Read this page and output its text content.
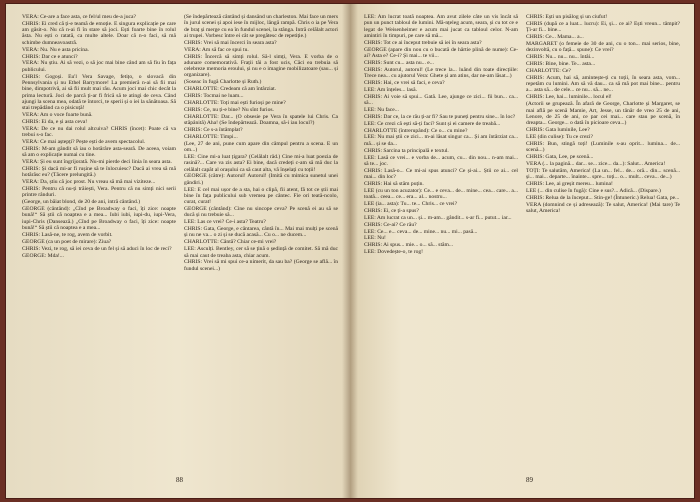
VERA: Ce-are a face asta, ce fel/ul meu de-a juca?

CHRIS: Ei cred că ți-e teamă de emoție. E singura explicație pe care am găsit-o. Nu că n-ai fi în stare să joci. Ești foarte bine în rolul ăsta. Nu ești o ratată, ca multe altele. Doar că n-o faci, să mă schimbe dumneavoastră.

VERA: Nu. Nu e asta pricina.

CHRIS: Dar ce e atunci?

VERA: Nu știu. Ai să vezi, o să joc mai bine când am să fiu în fața publicului.

CHRIS: Gogoși. Eu'l Vera Savage, fetițo, o slovacă din Pennsylvania și nu Ethel Barrymore! La premieră n-ai să fii mai bine, dimpotrivă, ai să fii mult mai rău. Acum joci mai chic decât la prima lectură. Joci de parcă ți-ar fi frică să te atingi de ceva. Când ajungi la scena mea, odată te întorci, te sperii și o iei la sănătoasa. Să stai trepădând ca o pisicuță!

VERA: Am o voce foarte bună.

CHRIS: Ei da, e și asta ceva!

VERA: De ce nu dai rolul altcuiva? CHRIS (încet): Poate că va trebui s-o fac.

VERA: Ce mai aștepți? Pește ești de avem spectacolul.

CHRIS: M-am gândit să iau o hotărâre asta-seară. De aceea, voiam să am o explicație numai cu tine.

VERA: Și eu sunt îngrijorată. Nu-mi pierde deci linia în seara asta.

CHRIS: Și dacă mi-ar fi rușine să te înlocuiesc? Dacă ai vrea să mă hotărăsc eu? (Tăcere prelungită.)

VERA: Da, știu că joc prost. Nu vreau să mă mai viziteze...

CHRIS: Pentru că nu-ți trăiești, Vera. Pentru că nu simți nici serii printre rânduri.

(George, un băiat blond, de 20 de ani, intră cântând.)

GEORGE (cântând): „Cînd pe Broadway o faci, îți zice: noapte bună!“ Să știi că noaptea e a mea... Iubi iubi, iupi-du, iupi-Vera, iupi-Chris (Dansează.) „Cînd pe Broadway o faci, îți zice: noapte bună!“ Să știi că noaptea e a mea...

CHRIS: Lasă-ne, te rog, avem de vorbit.

GEORGE (ca un poet de mirare): Ziua?

CHRIS: Vezi, te rog, să iei ceva de un fel și să aduci în loc de reci?

GEORGE: Mda!...

(Se îndepărtează cântând și dansând un charleston. Mai face un mers în jurul scenei și apoi iese în mijloc, lângă rampă. Chris o ia pe Vera de braț și merge cu ea în fundul scenei, la stânga. Intră celălalt actori ai trupei. Vorbesc între ei cât se pregătesc de repetiție.)

CHRIS: Vrei să mai încerci în seara asta?

VERA: Am să fac ce spui tu.

CHRIS: Încercă să simți rolul. Să-l simți, Vera. E vorba de o adunare comemorativă. Frații tăi a fost ucis, Căci ea trebuia să celebreze memoria eroului, și nu e o imagine mobilizatoare (sau... și organizare).

(Soseac în fugă Charlotte și Ruth.)

CHARLOTTE: Credeam că am întârziat.

CHRIS: Tocmai ne luam...

CHARLOTTE: Toți mai ești furioși pe mine?

CHRIS: Ce, nu ți-e bine? Nu sînt furios.

CHARLOTTE: Dar... (O obsesie pe Vera în spatele lui Chris. Ca stăpânită) Aha! (Se îndepărtează. Doamna, să-i iau locul?)

CHRIS: Ce s-a întâmplat?

CHARLOTTE: Timpi...

(Lee, 27 de ani, pune cum apare din câmpul pentru a scena. E un om...)

LEE: Cine mi-a luat țigara? (Celălalt râd.) Cine mi-a luat poezia de rasină?... Care va zis asta? Ei bine, dacă credeți c-am să mă duc la celălalt capăt al orașului ca să caut alta, vă înșelați cu toții!

GEORGE (către): Autorul! Autorul! (Imită cu mimica sunetul unei gândiri.)

LEE: E cel mai ușor de a sta, hai o clipă, fii atent, fă tot ce știi mai bine în fața publicului sub vremea pe cântec. Fie ori teată-ncolo, curat, curat!

GEORGE (cântând): Cine nu sincope ceva? Pe scenă ei au să se ducă și nu trebuie să...

LEE: Las ce vrei? Ce-i asta? Teatru?

CHRIS: Gata, George, e cântarea, cântă în... Mai mai mulți pe scenă și nu ne va... o zi și se ducă acasă... Cu o... ne ducem...

CHARLOTTE: Cântă? Chiar ce-mi vrei?

LEE: Asculți. Bentley, cer să se țină o ședință de comitet. Să mă duc să mai caut de treaba asta, chiar acum.

CHRIS: Vrei să mi spui ce-a nimerit, da sau ba? (George se află... în fundul scenei...)

88

LEE: Am lucrat toată noaptea. Am avut zilele câte un vis încât să pun un punct tabloul de lumini. Mă-nțeleg acum, seara, și cu tot ce e legat de Weisenheimer e acum mai jucat ca tabloul celor. N-am amintiri în timpuri, pe care să mă...

CHRIS: Tot ce ai început trebuie să iei în seara asta?

GEORGE (apare din nou cu o bucată de hârtie plină de nume): Ce-ai? Asta e? Ce-i? Și mai... te vii...

CHRIS: Sunt cu... asta nu... e...

CHRIS: Autorul, autorul! (Le trece la... luând din toate direcțiile: Trece nea... cu ajutorul Vera: Ghete și am atins, dar ne-am lăsat...)

CHRIS: Hai, ce vrei să faci, e ceva?

LEE: Am înțeles... lasă.

CHRIS: Ai voie să spui... Gată. Lee, ajunge ce zici... fii bun... ca... să...

LEE: Nu face...

CHRIS: Dar ce, la ce rău ți-ar fi? Sau te puneți pentru sine... în loc?

LEE: Ce crezi că ești să-ți faci? Sunt și ei camere de treabă...

CHARLOTTE (întrerupând): Ce o... cu mine?

LEE: Nu mai știi ce zici... m-ai lăsat singur ca... Și am întârziat ca... mă... și se da...

CHRIS: Sarcina ta principală e textul.

LEE: Lasă ce vrei... e vorba de... acum, cu... din nou... n-am mai... să te... joc.

CHRIS: Lasă-o... Ce mi-ai spus atunci? Ce și-ai... Știi ce ai... cel mai... din loc?

CHRIS: Hai să stăm puțin.

LEE (cu un ton acuzator): Ce... e ceva... de... mine... cea... care... a... toată... ceea... ce... era... al... nostru...

LEE (ia... asta): Tu... te... Chris... ce vrei?

CHRIS: Ei, ce ți-a spus?

LEE: Am lucrat ca un... și... m-am... gândit... s-ar fi... putut... iar...

CHRIS: Ce-ai? Ce rău?

LEE: Ce... e... ceva... de... mine... nu... mi... pasă...

LEE: Nu!

CHRIS: Ai spus... mie... o... să... stăm...

LEE: Dovedește-o, te rog!

CHRIS: Ești un pisălog și un ciufut!

CHRIS (după ce a luat... lucru): Ei, și... ce ai? Ești vreun... tâmpit? Ți-ar fi... bine...

CHRIS: Ce... Mama... a...

MARGARET (o femeie de 30 de ani, cu o ton... mai serios, bine, dezinvoltă, cu o față... spune): Ce vrei?

CHRIS: Nu... nu... nu... întâi...

CHRIS: Bine, bine. Te... asta...

CHARLOTTE: Ce?

CHRIS: Acum, hai să, amintește-ți cu toții, în seara asta, vom... repetăm cu lumini. Am să vă dau... ca să mă pot mai bine... pentru a... asta să... de cele... ce nu... să... ne...

CHRIS: Lee, hai... luminile... locul el!

(Actorii se grupează. În afară de George, Charlotte și Margaret, se mai află pe scenă Mamie, Art, Jesse, un tânăr de vreo 25 de ani, Lenore, de 25 de ani, ce par cei mai... care stau pe scenă, în dreapta... George... o dată în picioare ceva...)

CHRIS: Gata luminile, Lee?

LEE (din culise): Tu ce crezi?

CHRIS: Bun, stingă toți! (Luminile s-au oprit... lumina... de... scenă...)

CHRIS: Gata, Lee, pe scenă...

VERA (... la pagină... dar... se... zice... da...): Salut... America!

TOȚI: Te salutăm, America! (La un... fel... de... oră... din... scenă... și... mai... departe... înainte... spre... toți... o... mult... ceva... de...)

CHRIS: Lee, ai greșit mereu... lumina!

LEE (... din culise în fugă): Cine e sus?... Adică... (Dispare.)

CHRIS: Relua de la început... Stin-ge! (Întuneric.) Relua! Gata, pe...

VERA (domnind ce și adresează): Te salut, America! (Mai tare) Te salut, America!

89
